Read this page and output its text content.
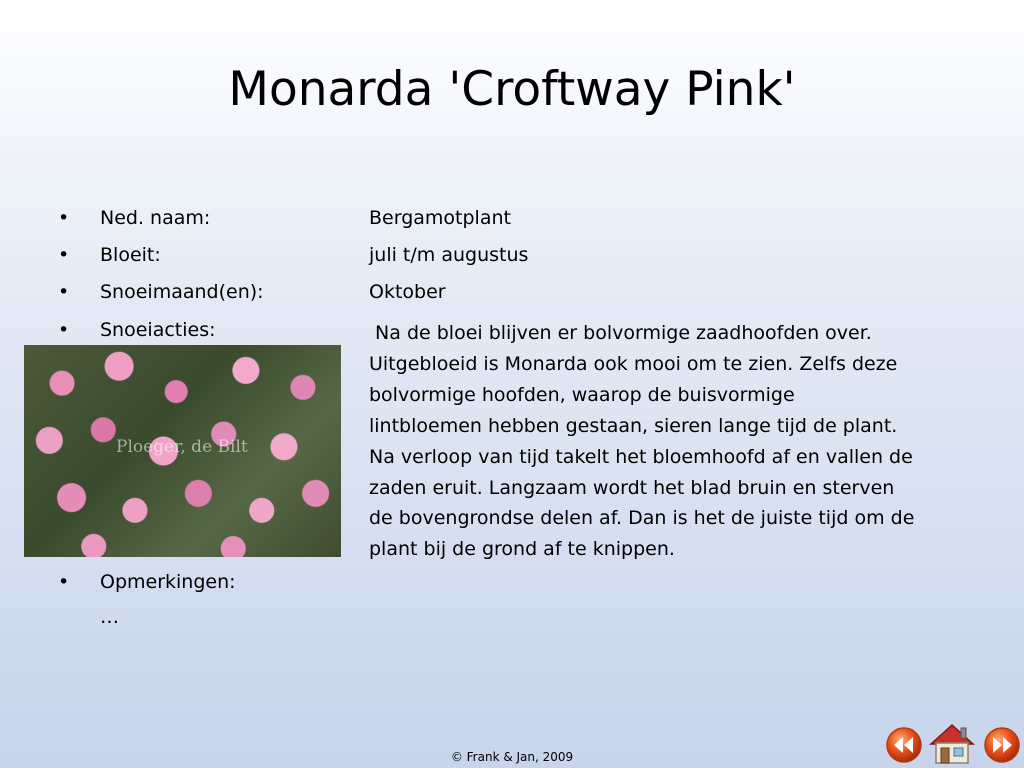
Monarda 'Croftway Pink'
• Ned. naam:	Bergamotplant
• Bloeit:	juli t/m augustus
• Snoeimaand(en):	Oktober
• Snoeiacties:	Na de bloei blijven er bolvormige zaadhoofden over.
Uitgebloeid is Monarda ook mooi om te zien. Zelfs deze
bolvormige hoofden, waarop de buisvormige
lintbloemen hebben gestaan, sieren lange tijd de plant.
Na verloop van tijd takelt het bloemhoofd af en vallen de
zaden eruit. Langzaam wordt het blad bruin en sterven
de bovengrondse delen af. Dan is het de juiste tijd om de
plant bij de grond af te knippen.
Ploeger, de Bilt
• Opmerkingen:
…
© Frank & Jan, 2009
